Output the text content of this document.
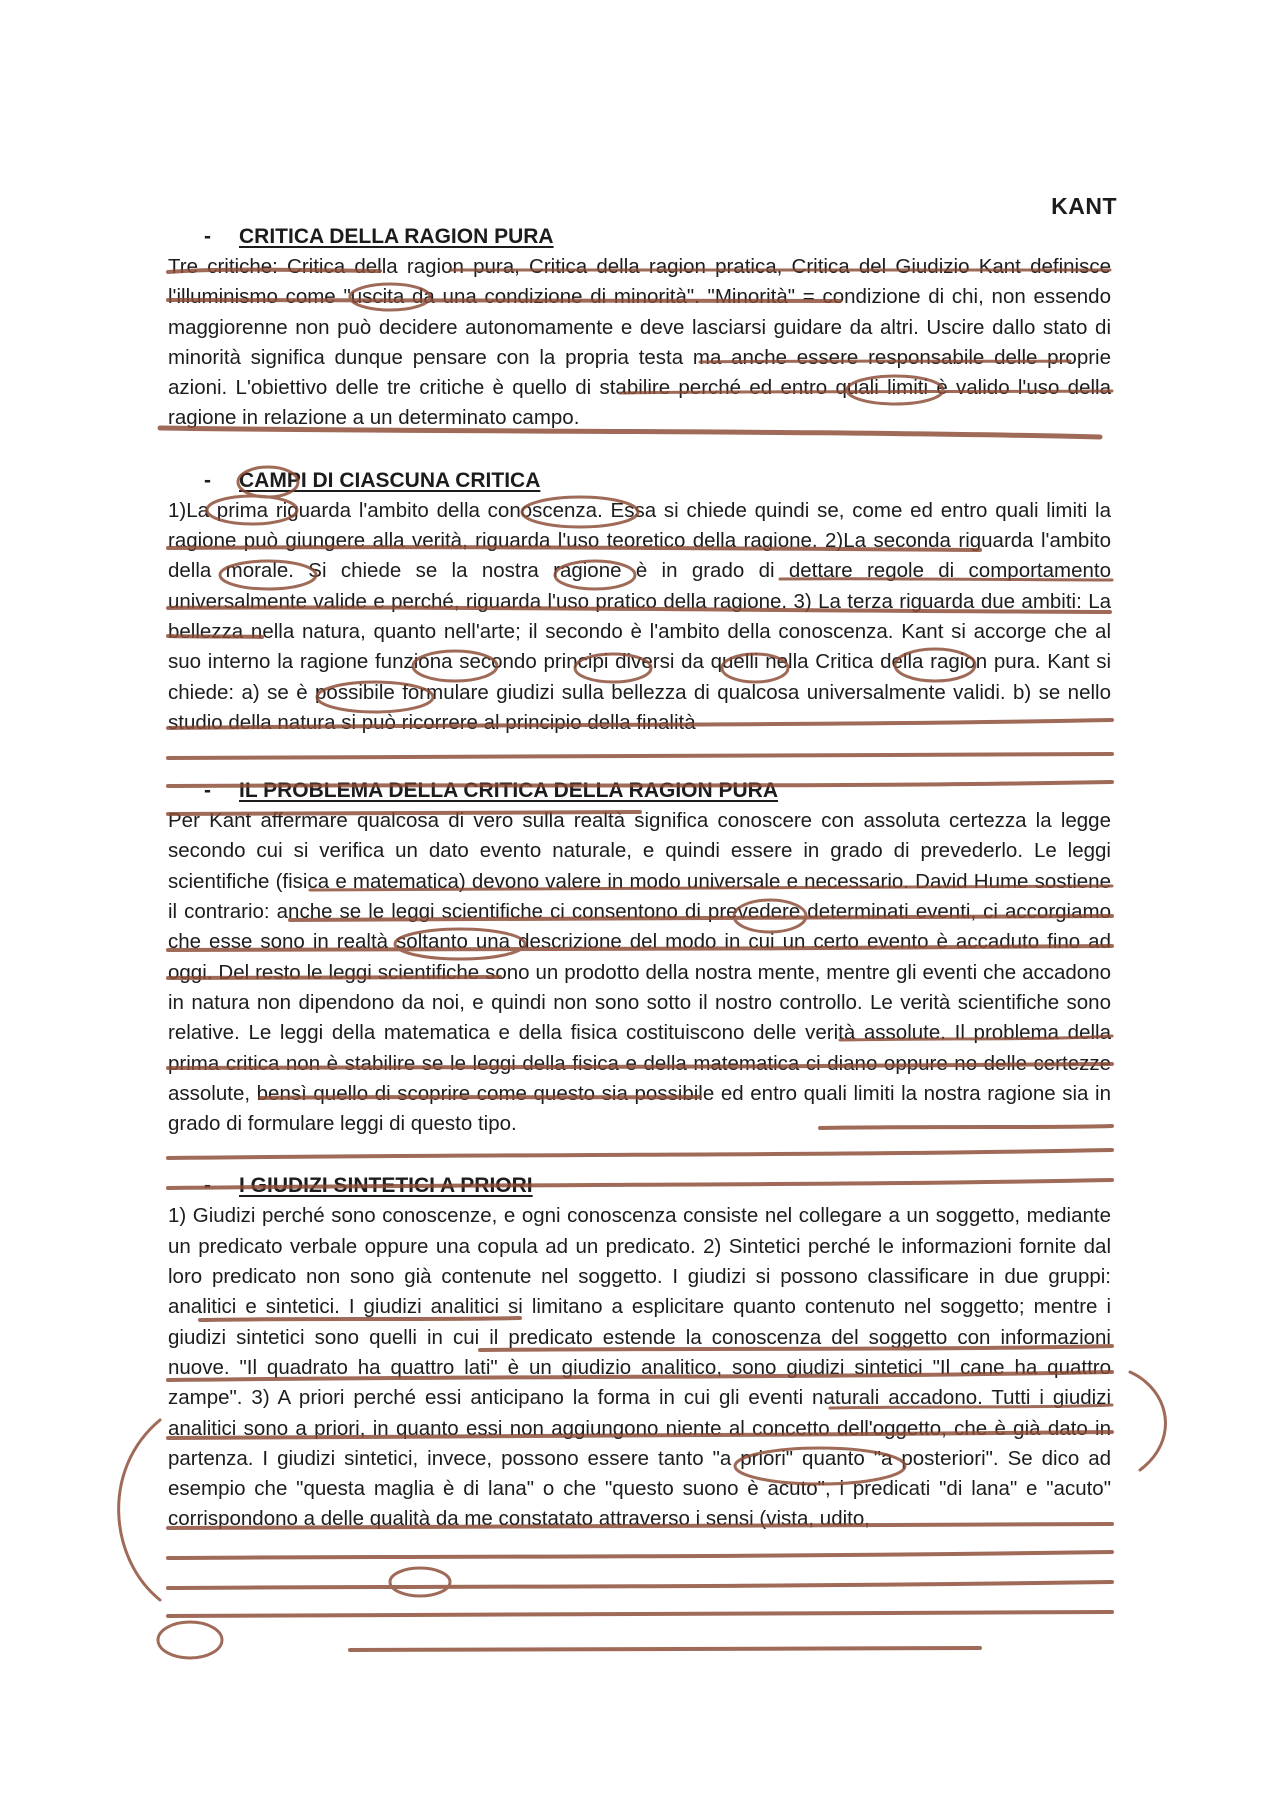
KANT
- CRITICA DELLA RAGION PURA

Tre critiche: Critica della ragion pura, Critica della ragion pratica, Critica del Giudizio Kant definisce l'illuminismo come "uscita da una condizione di minorità". "Minorità" = condizione di chi, non essendo maggiorenne non può decidere autonomamente e deve lasciarsi guidare da altri. Uscire dallo stato di minorità significa dunque pensare con la propria testa ma anche essere responsabile delle proprie azioni. L'obiettivo delle tre critiche è quello di stabilire perché ed entro quali limiti è valido l'uso della ragione in relazione a un determinato campo.

- CAMPI DI CIASCUNA CRITICA

1)La prima riguarda l'ambito della conoscenza. Essa si chiede quindi se, come ed entro quali limiti la ragione può giungere alla verità, riguarda l'uso teoretico della ragione. 2)La seconda riguarda l'ambito della morale. Si chiede se la nostra ragione è in grado di dettare regole di comportamento universalmente valide e perché, riguarda l'uso pratico della ragione. 3) La terza riguarda due ambiti: La bellezza nella natura, quanto nell'arte; il secondo è l'ambito della conoscenza. Kant si accorge che al suo interno la ragione funziona secondo principi diversi da quelli nella Critica della ragion pura. Kant si chiede: a) se è possibile formulare giudizi sulla bellezza di qualcosa universalmente validi. b) se nello studio della natura si può ricorrere al principio della finalità

- IL PROBLEMA DELLA CRITICA DELLA RAGION PURA

Per Kant affermare qualcosa di vero sulla realtà significa conoscere con assoluta certezza la legge secondo cui si verifica un dato evento naturale, e quindi essere in grado di prevederlo. Le leggi scientifiche (fisica e matematica) devono valere in modo universale e necessario. David Hume sostiene il contrario: anche se le leggi scientifiche ci consentono di prevedere determinati eventi, ci accorgiamo che esse sono in realtà soltanto una descrizione del modo in cui un certo evento è accaduto fino ad oggi. Del resto le leggi scientifiche sono un prodotto della nostra mente, mentre gli eventi che accadono in natura non dipendono da noi, e quindi non sono sotto il nostro controllo. Le verità scientifiche sono relative. Le leggi della matematica e della fisica costituiscono delle verità assolute. Il problema della prima critica non è stabilire se le leggi della fisica e della matematica ci diano oppure no delle certezze assolute, bensì quello di scoprire come questo sia possibile ed entro quali limiti la nostra ragione sia in grado di formulare leggi di questo tipo.

- I GIUDIZI SINTETICI A PRIORI

1) Giudizi perché sono conoscenze, e ogni conoscenza consiste nel collegare a un soggetto, mediante un predicato verbale oppure una copula ad un predicato. 2) Sintetici perché le informazioni fornite dal loro predicato non sono già contenute nel soggetto. I giudizi si possono classificare in due gruppi: analitici e sintetici. I giudizi analitici si limitano a esplicitare quanto contenuto nel soggetto; mentre i giudizi sintetici sono quelli in cui il predicato estende la conoscenza del soggetto con informazioni nuove. "Il quadrato ha quattro lati" è un giudizio analitico, sono giudizi sintetici "Il cane ha quattro zampe". 3) A priori perché essi anticipano la forma in cui gli eventi naturali accadono. Tutti i giudizi analitici sono a priori, in quanto essi non aggiungono niente al concetto dell'oggetto, che è già dato in partenza. I giudizi sintetici, invece, possono essere tanto "a priori" quanto "a posteriori". Se dico ad esempio che "questa maglia è di lana" o che "questo suono è acuto", i predicati "di lana" e "acuto" corrispondono a delle qualità da me constatato attraverso i sensi (vista, udito,
